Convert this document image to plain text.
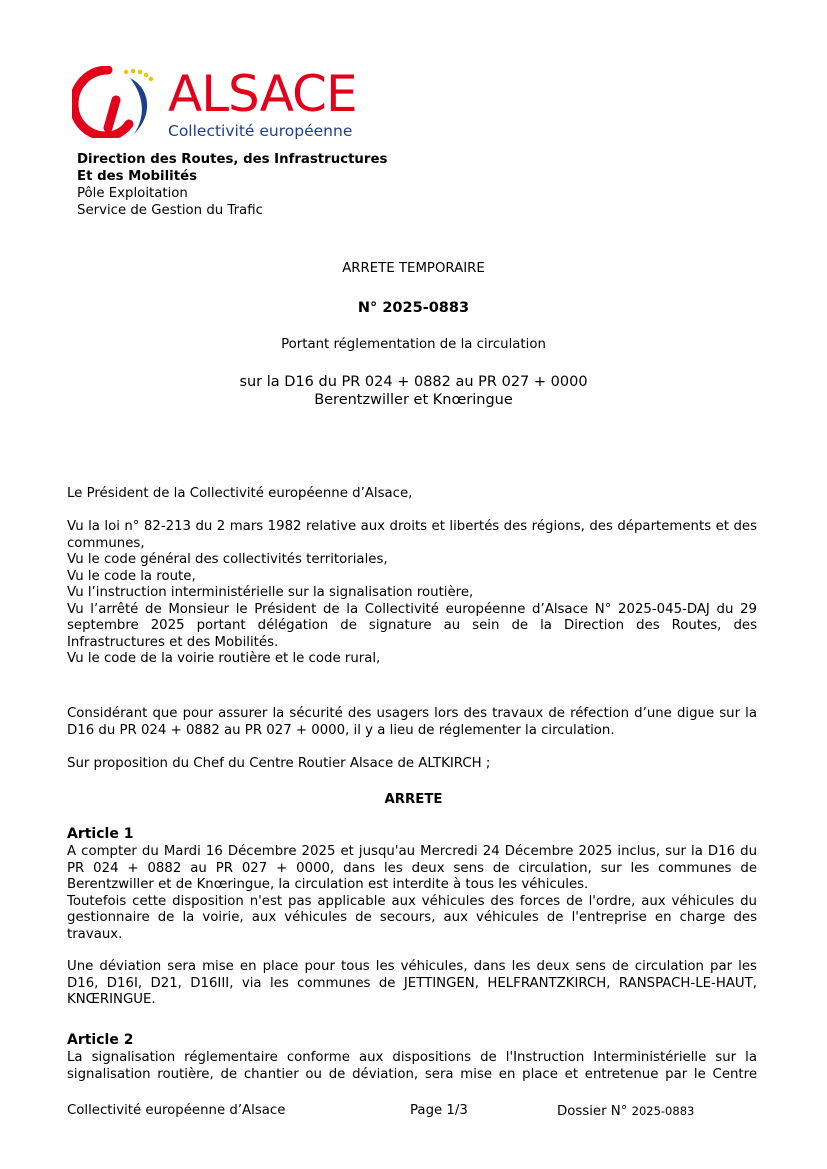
ALSACE
Collectivité européenne
Direction des Routes, des Infrastructures
Et des Mobilités
Pôle Exploitation
Service de Gestion du Trafic
ARRETE TEMPORAIRE
N° 2025-0883
Portant réglementation de la circulation
sur la D16 du PR 024 + 0882 au PR 027 + 0000
Berentzwiller et Knœringue
Le Président de la Collectivité européenne d’Alsace,

Vu la loi n° 82-213 du 2 mars 1982 relative aux droits et libertés des régions, des départements et des communes,

Vu le code général des collectivités territoriales,

Vu le code la route,

Vu l’instruction interministérielle sur la signalisation routière,

Vu l’arrêté de Monsieur le Président de la Collectivité européenne d’Alsace N° 2025-045-DAJ du 29 septembre 2025 portant délégation de signature au sein de la Direction des Routes, des Infrastructures et des Mobilités.

Vu le code de la voirie routière et le code rural,

Considérant que pour assurer la sécurité des usagers lors des travaux de réfection d’une digue sur la D16 du PR 024 + 0882 au PR 027 + 0000, il y a lieu de réglementer la circulation.
Sur proposition du Chef du Centre Routier Alsace de ALTKIRCH ;
ARRETE
Article 1

A compter du Mardi 16 Décembre 2025 et jusqu'au Mercredi 24 Décembre 2025 inclus, sur la D16 du PR 024 + 0882 au PR 027 + 0000, dans les deux sens de circulation, sur les communes de Berentzwiller et de Knœringue, la circulation est interdite à tous les véhicules.

Toutefois cette disposition n'est pas applicable aux véhicules des forces de l'ordre, aux véhicules du gestionnaire de la voirie, aux véhicules de secours, aux véhicules de l'entreprise en charge des travaux.

Une déviation sera mise en place pour tous les véhicules, dans les deux sens de circulation par les D16, D16I, D21, D16III, via les communes de JETTINGEN, HELFRANTZKIRCH, RANSPACH-LE-HAUT, KNŒRINGUE.

Article 2

La signalisation réglementaire conforme aux dispositions de l'Instruction Interministérielle sur la signalisation routière, de chantier ou de déviation, sera mise en place et entretenue par le Centre

Collectivité européenne d’Alsace	Page 1/3	Dossier N° 2025-0883
